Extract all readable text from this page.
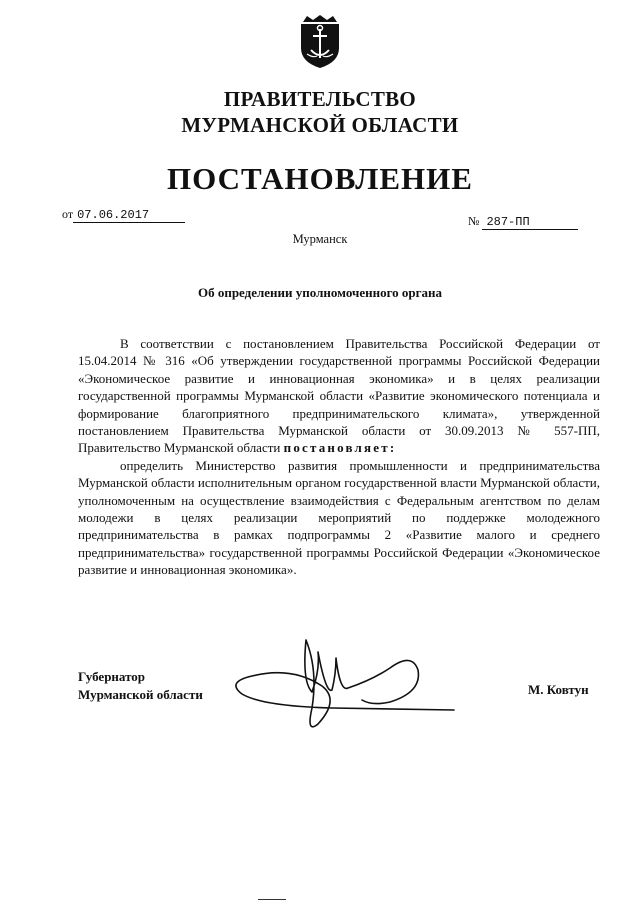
ПРАВИТЕЛЬСТВО
МУРМАНСКОЙ ОБЛАСТИ
ПОСТАНОВЛЕНИЕ
от 07.06.2017	№ 287-ПП
Мурманск
Об определении уполномоченного органа

В соответствии с постановлением Правительства Российской Федерации от 15.04.2014 № 316 «Об утверждении государственной программы Российской Федерации «Экономическое развитие и инновационная экономика» и в целях реализации государственной программы Мурманской области «Развитие экономического потенциала и формирование благоприятного предпринимательского климата», утвержденной постановлением Правительства Мурманской области от 30.09.2013 № 557-ПП, Правительство Мурманской области постановляет:

определить Министерство развития промышленности и предпринимательства Мурманской области исполнительным органом государственной власти Мурманской области, уполномоченным на осуществление взаимодействия с Федеральным агентством по делам молодежи в целях реализации мероприятий по поддержке молодежного предпринимательства в рамках подпрограммы 2 «Развитие малого и среднего предпринимательства» государственной программы Российской Федерации «Экономическое развитие и инновационная экономика».

Губернатор
Мурманской области	М. Ковтун
